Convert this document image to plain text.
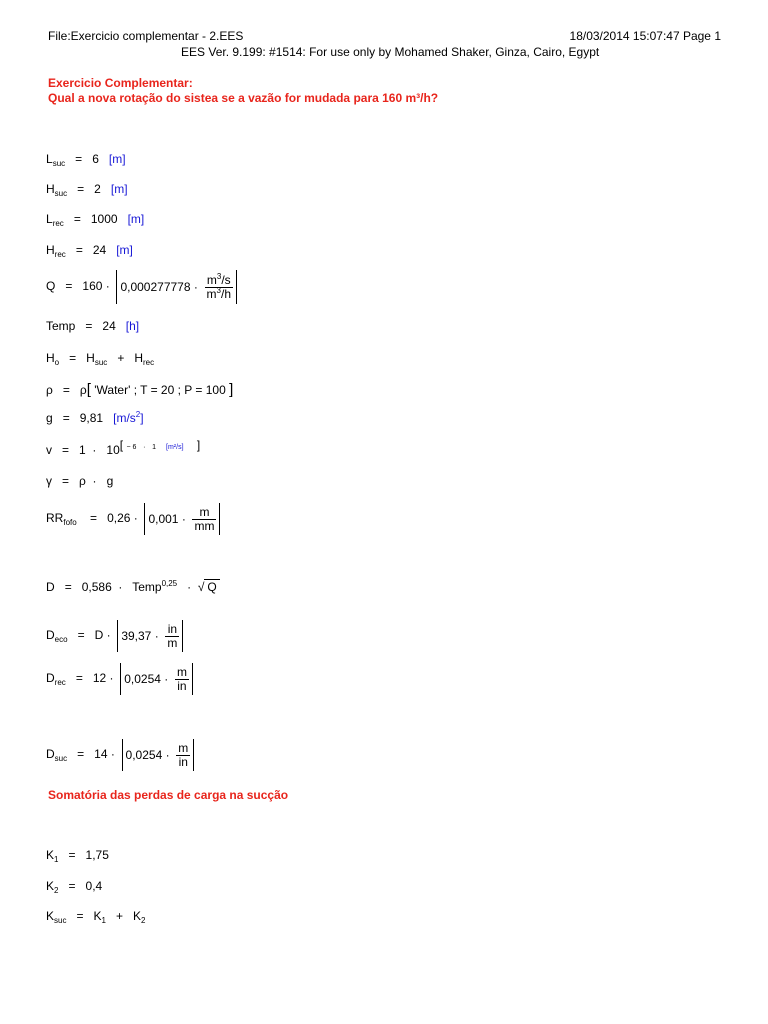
File:Exercicio complementar - 2.EES	18/03/2014 15:07:47 Page 1
EES Ver. 9.199: #1514: For use only by Mohamed Shaker, Ginza, Cairo, Egypt
Exercicio Complementar:
Qual a nova rotação do sistea se a vazão for mudada para 160 m³/h?
$L_{suc} = 6$ [m]
$H_{suc} = 2$ [m]
$L_{rec} = 1000$ [m]
$H_{rec} = 24$ [m]
$Q = 160 \cdot 0,000277778 \cdot \frac{m^3/s}{m^3/h}$
Temp = 24 [h]
$H_o = H_{suc} + H_{rec}$
ρ = ρ[ 'Water' ; T = 20 ; P = 100 ]
g = 9,81 $[m/s^2]$
v = 1 · 10[ − 6 · 1 [m²/s] ]
γ = ρ · g
$RR_{fofo} = 0,26 \cdot 0,001 \cdot \frac{m}{mm}$
D = 0,586 · Temp$^{0,25}$ · √ Q
$D_{eco} = D \cdot 39,37 \cdot \frac{in}{m}$
$D_{rec} = 12 \cdot 0,0254 \cdot \frac{m}{in}$
$D_{suc} = 14 \cdot 0,0254 \cdot \frac{m}{in}$
Somatória das perdas de carga na sucção
$K_1 = 1,75$
$K_2 = 0,4$
$K_{suc} = K_1 + K_2$
